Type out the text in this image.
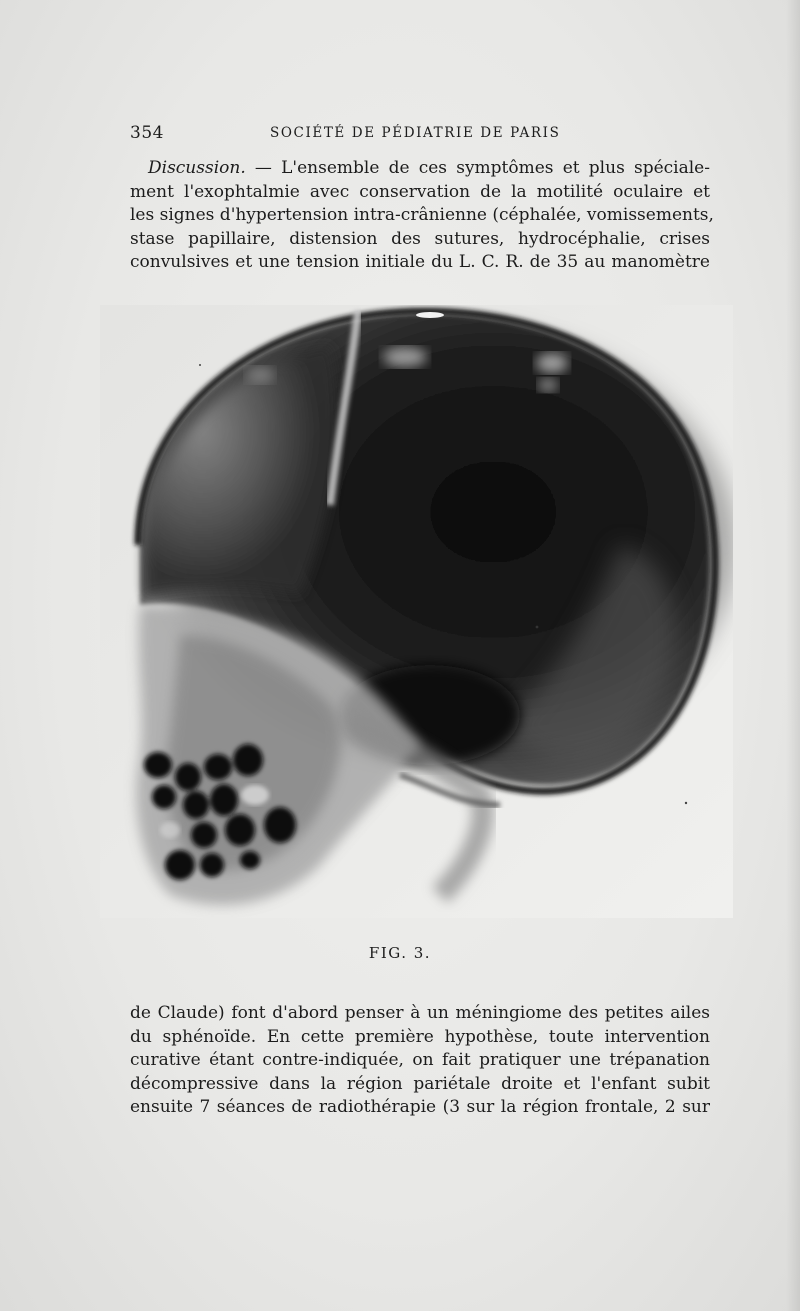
354	SOCIÉTÉ DE PÉDIATRIE DE PARIS
Discussion. — L'ensemble de ces symptômes et plus spéciale-
ment l'exophtalmie avec conservation de la motilité oculaire et
les signes d'hypertension intra-crânienne (céphalée, vomissements,
stase papillaire, distension des sutures, hydrocéphalie, crises
convulsives et une tension initiale du L. C. R. de 35 au manomètre
FIG. 3.
de Claude) font d'abord penser à un méningiome des petites ailes
du sphénoïde. En cette première hypothèse, toute intervention
curative étant contre-indiquée, on fait pratiquer une trépanation
décompressive dans la région pariétale droite et l'enfant subit
ensuite 7 séances de radiothérapie (3 sur la région frontale, 2 sur
